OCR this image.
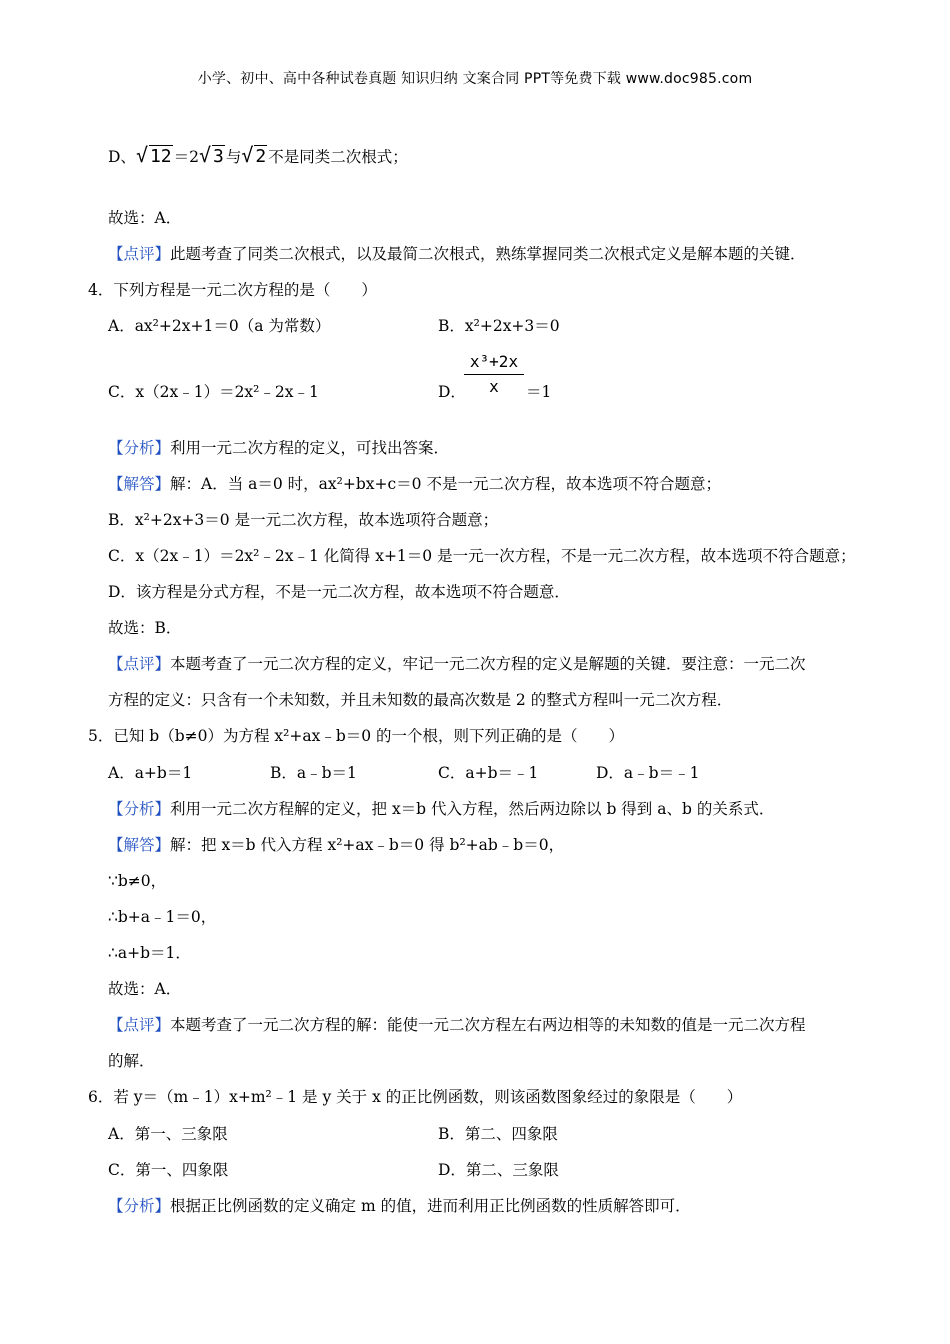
小学、初中、高中各种试卷真题 知识归纳 文案合同 PPT等免费下载 www.doc985.com
D、 √ 12 ＝2 √ 3 与 √ 2 不是同类二次根式；
故选：A．
【点评】此题考查了同类二次根式，以及最简二次根式，熟练掌握同类二次根式定义是解本题的关键．
4．下列方程是一元二次方程的是（　　）
A．ax²+2x+1＝0（a 为常数）	B．x²+2x+3＝0
C．x（2x﹣1）＝2x²﹣2x﹣1	D．
x³+2x
x	＝1
【分析】利用一元二次方程的定义，可找出答案．
【解答】解：A．当 a＝0 时，ax²+bx+c＝0 不是一元二次方程，故本选项不符合题意；
B．x²+2x+3＝0 是一元二次方程，故本选项符合题意；
C．x（2x﹣1）＝2x²﹣2x﹣1 化简得 x+1＝0 是一元一次方程，不是一元二次方程，故本选项不符合题意；
D．该方程是分式方程，不是一元二次方程，故本选项不符合题意．
故选：B．
【点评】本题考查了一元二次方程的定义，牢记一元二次方程的定义是解题的关键．要注意：一元二次
方程的定义：只含有一个未知数，并且未知数的最高次数是 2 的整式方程叫一元二次方程．
5．已知 b（b≠0）为方程 x²+ax﹣b＝0 的一个根，则下列正确的是（　　）
A．a+b＝1	B．a﹣b＝1	C．a+b＝﹣1	D．a﹣b＝﹣1
【分析】利用一元二次方程解的定义，把 x＝b 代入方程，然后两边除以 b 得到 a、b 的关系式．
【解答】解：把 x＝b 代入方程 x²+ax﹣b＝0 得 b²+ab﹣b＝0，
∵b≠0，
∴b+a﹣1＝0，
∴a+b＝1．
故选：A．
【点评】本题考查了一元二次方程的解：能使一元二次方程左右两边相等的未知数的值是一元二次方程
的解．
6．若 y＝（m﹣1）x+m²﹣1 是 y 关于 x 的正比例函数，则该函数图象经过的象限是（　　）
A．第一、三象限	B．第二、四象限
C．第一、四象限	D．第二、三象限
【分析】根据正比例函数的定义确定 m 的值，进而利用正比例函数的性质解答即可．
